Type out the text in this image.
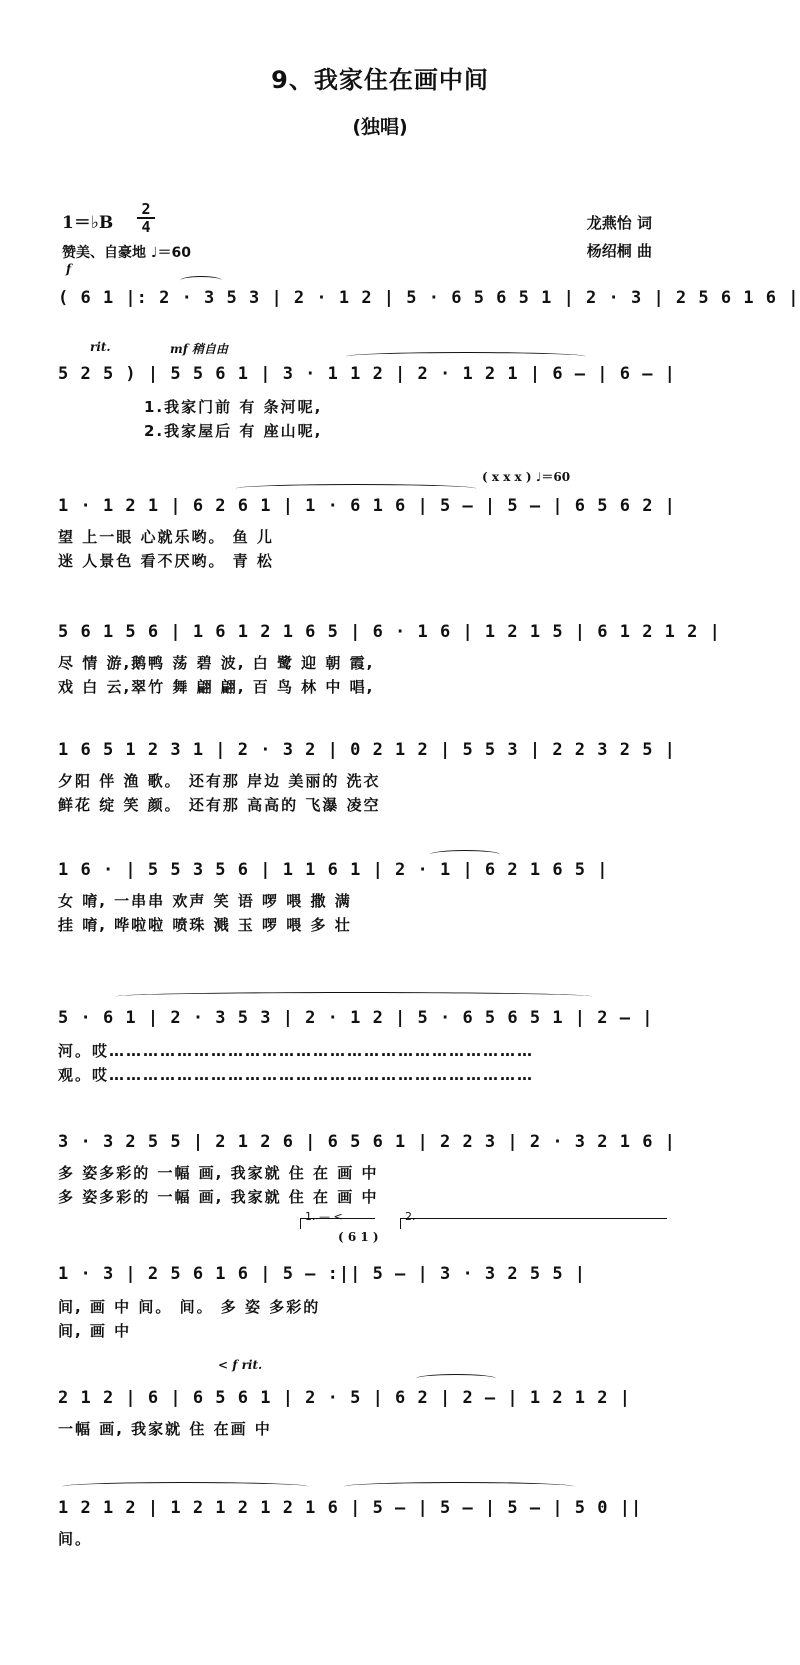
9、我家住在画中间
(独唱)
1＝♭B
2
4
赞美、自豪地 ♩＝60
龙燕怡 词
杨绍桐 曲
f
rit.	mf 稍自由
( x x x ) ♩＝60
( 6 1 )
< f rit.
1. — <	2.
( 6 1 |: 2 · 3 5 3 | 2 · 1 2 | 5 · 6 5 6 5 1 | 2 · 3 | 2 5 6 1 6 |
5 2 5 ) | 5 5 6 1 | 3 · 1 1 2 | 2 · 1 2 1 | 6 — | 6 — |
1.我家门前 有 条河呢,
2.我家屋后 有 座山呢,
1 · 1 2 1 | 6 2 6 1 | 1 · 6 1 6 | 5 — | 5 — | 6 5 6 2 |
望 上一眼 心就乐哟。 鱼 儿
迷 人景色 看不厌哟。 青 松
5 6 1 5 6 | 1 6 1 2 1 6 5 | 6 · 1 6 | 1 2 1 5 | 6 1 2 1 2 |
尽 情 游,鹅鸭 荡 碧 波, 白 鹭 迎 朝 霞,
戏 白 云,翠竹 舞 翩 翩, 百 鸟 林 中 唱,
1 6 5 1 2 3 1 | 2 · 3 2 | 0 2 1 2 | 5 5 3 | 2 2 3 2 5 |
夕阳 伴 渔 歌。 还有那 岸边 美丽的 洗衣
鲜花 绽 笑 颜。 还有那 高高的 飞瀑 凌空
1 6 · | 5 5 3 5 6 | 1 1 6 1 | 2 · 1 | 6 2 1 6 5 |
女 唷, 一串串 欢声 笑 语 啰 喂 撒 满
挂 唷, 哗啦啦 喷珠 溅 玉 啰 喂 多 壮
5 · 6 1 | 2 · 3 5 3 | 2 · 1 2 | 5 · 6 5 6 5 1 | 2 — |
河。哎…………………………………………………………………
观。哎…………………………………………………………………
3 · 3 2 5 5 | 2 1 2 6 | 6 5 6 1 | 2 2 3 | 2 · 3 2 1 6 |
多 姿多彩的 一幅 画, 我家就 住 在 画 中
多 姿多彩的 一幅 画, 我家就 住 在 画 中
1 · 3 | 2 5 6 1 6 | 5 — :|| 5 — | 3 · 3 2 5 5 |
间, 画 中 间。 间。 多 姿 多彩的
间, 画 中
2 1 2 | 6 | 6 5 6 1 | 2 · 5 | 6 2 | 2 — | 1 2 1 2 |
一幅 画, 我家就 住 在画 中
1 2 1 2 | 1 2 1 2 1 2 1 6 | 5 — | 5 — | 5 — | 5 0 ||
间。
